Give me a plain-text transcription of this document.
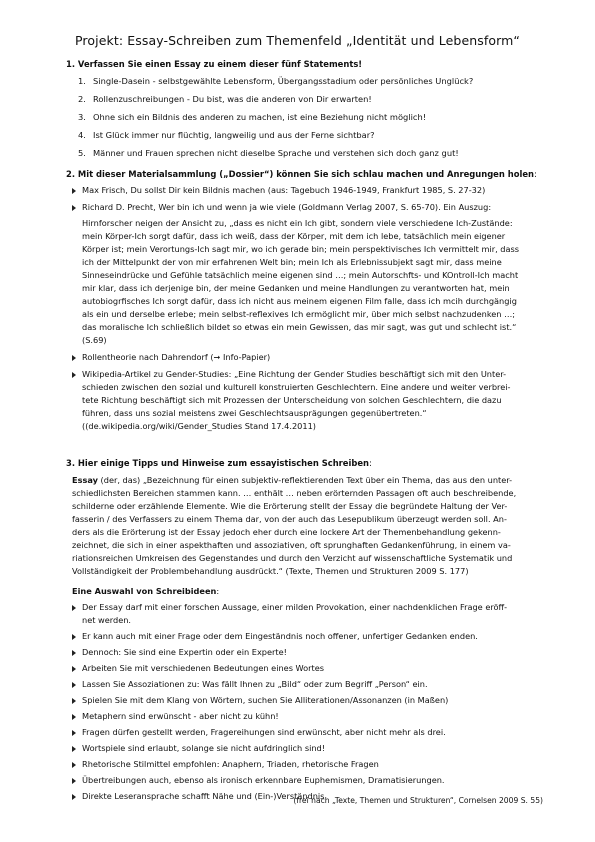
Projekt: Essay-Schreiben zum Themenfeld „Identität und Lebensform“
1. Verfassen Sie einen Essay zu einem dieser fünf Statements!
1. Single-Dasein - selbstgewählte Lebensform, Übergangsstadium oder persönliches Unglück?
2. Rollenzuschreibungen - Du bist, was die anderen von Dir erwarten!
3. Ohne sich ein Bildnis des anderen zu machen, ist eine Beziehung nicht möglich!
4. Ist Glück immer nur flüchtig, langweilig und aus der Ferne sichtbar?
5. Männer und Frauen sprechen nicht dieselbe Sprache und verstehen sich doch ganz gut!
2. Mit dieser Materialsammlung („Dossier“) können Sie sich schlau machen und Anregungen holen:
Max Frisch, Du sollst Dir kein Bildnis machen (aus: Tagebuch 1946-1949, Frankfurt 1985, S. 27-32)
Richard D. Precht, Wer bin ich und wenn ja wie viele (Goldmann Verlag 2007, S. 65-70). Ein Auszug:
Hirnforscher neigen der Ansicht zu, „dass es nicht ein Ich gibt, sondern viele verschiedene Ich-Zustände:
mein Körper-Ich sorgt dafür, dass ich weiß, dass der Körper, mit dem ich lebe, tatsächlich mein eigener
Körper ist; mein Verortungs-Ich sagt mir, wo ich gerade bin; mein perspektivisches Ich vermittelt mir, dass
ich der Mittelpunkt der von mir erfahrenen Welt bin; mein Ich als Erlebnissubjekt sagt mir, dass meine
Sinneseindrücke und Gefühle tatsächlich meine eigenen sind …; mein Autorschfts- und KOntroll-Ich macht
mir klar, dass ich derjenige bin, der meine Gedanken und meine Handlungen zu verantworten hat, mein
autobiogrfisches Ich sorgt dafür, dass ich nicht aus meinem eigenen Film falle, dass ich mcih durchgängig
als ein und derselbe erlebe; mein selbst-reflexives Ich ermöglicht mir, über mich selbst nachzudenken …;
das moralische Ich schließlich bildet so etwas ein mein Gewissen, das mir sagt, was gut und schlecht ist.“
(S.69)
Rollentheorie nach Dahrendorf (➞ Info-Papier)
Wikipedia-Artikel zu Gender-Studies: „Eine Richtung der Gender Studies beschäftigt sich mit den Unter-
schieden zwischen den sozial und kulturell konstruierten Geschlechtern. Eine andere und weiter verbrei-
tete Richtung beschäftigt sich mit Prozessen der Unterscheidung von solchen Geschlechtern, die dazu
führen, dass uns sozial meistens zwei Geschlechtsausprägungen gegenübertreten.“
((de.wikipedia.org/wiki/Gender_Studies Stand 17.4.2011)
3. Hier einige Tipps und Hinweise zum essayistischen Schreiben:
Essay (der, das) „Bezeichnung für einen subjektiv-reflektierenden Text über ein Thema, das aus den unter-
schiedlichsten Bereichen stammen kann. … enthält … neben erörternden Passagen oft auch beschreibende,
schilderne oder erzählende Elemente. Wie die Erörterung stellt der Essay die begründete Haltung der Ver-
fasserin / des Verfassers zu einem Thema dar, von der auch das Lesepublikum überzeugt werden soll. An-
ders als die Erörterung ist der Essay jedoch eher durch eine lockere Art der Themenbehandlung gekenn-
zeichnet, die sich in einer aspekthaften und assoziativen, oft sprunghaften Gedankenführung, in einem va-
riationsreichen Umkreisen des Gegenstandes und durch den Verzicht auf wissenschaftliche Systematik und
Vollständigkeit der Problembehandlung ausdrückt.“ (Texte, Themen und Strukturen 2009 S. 177)
Eine Auswahl von Schreibideen:
Der Essay darf mit einer forschen Aussage, einer milden Provokation, einer nachdenklichen Frage eröff-
net werden.
Er kann auch mit einer Frage oder dem Eingeständnis noch offener, unfertiger Gedanken enden.
Dennoch: Sie sind eine Expertin oder ein Experte!
Arbeiten Sie mit verschiedenen Bedeutungen eines Wortes
Lassen Sie Assoziationen zu: Was fällt Ihnen zu „Bild“ oder zum Begriff „Person“ ein.
Spielen Sie mit dem Klang von Wörtern, suchen Sie Alliterationen/Assonanzen (in Maßen)
Metaphern sind erwünscht - aber nicht zu kühn!
Fragen dürfen gestellt werden, Fragereihungen sind erwünscht, aber nicht mehr als drei.
Wortspiele sind erlaubt, solange sie nicht aufdringlich sind!
Rhetorische Stilmittel empfohlen: Anaphern, Triaden, rhetorische Fragen
Übertreibungen auch, ebenso als ironisch erkennbare Euphemismen, Dramatisierungen.
Direkte Leseransprache schafft Nähe und (Ein-)Verständnis
(frei nach „Texte, Themen und Strukturen“, Cornelsen 2009 S. 55)
